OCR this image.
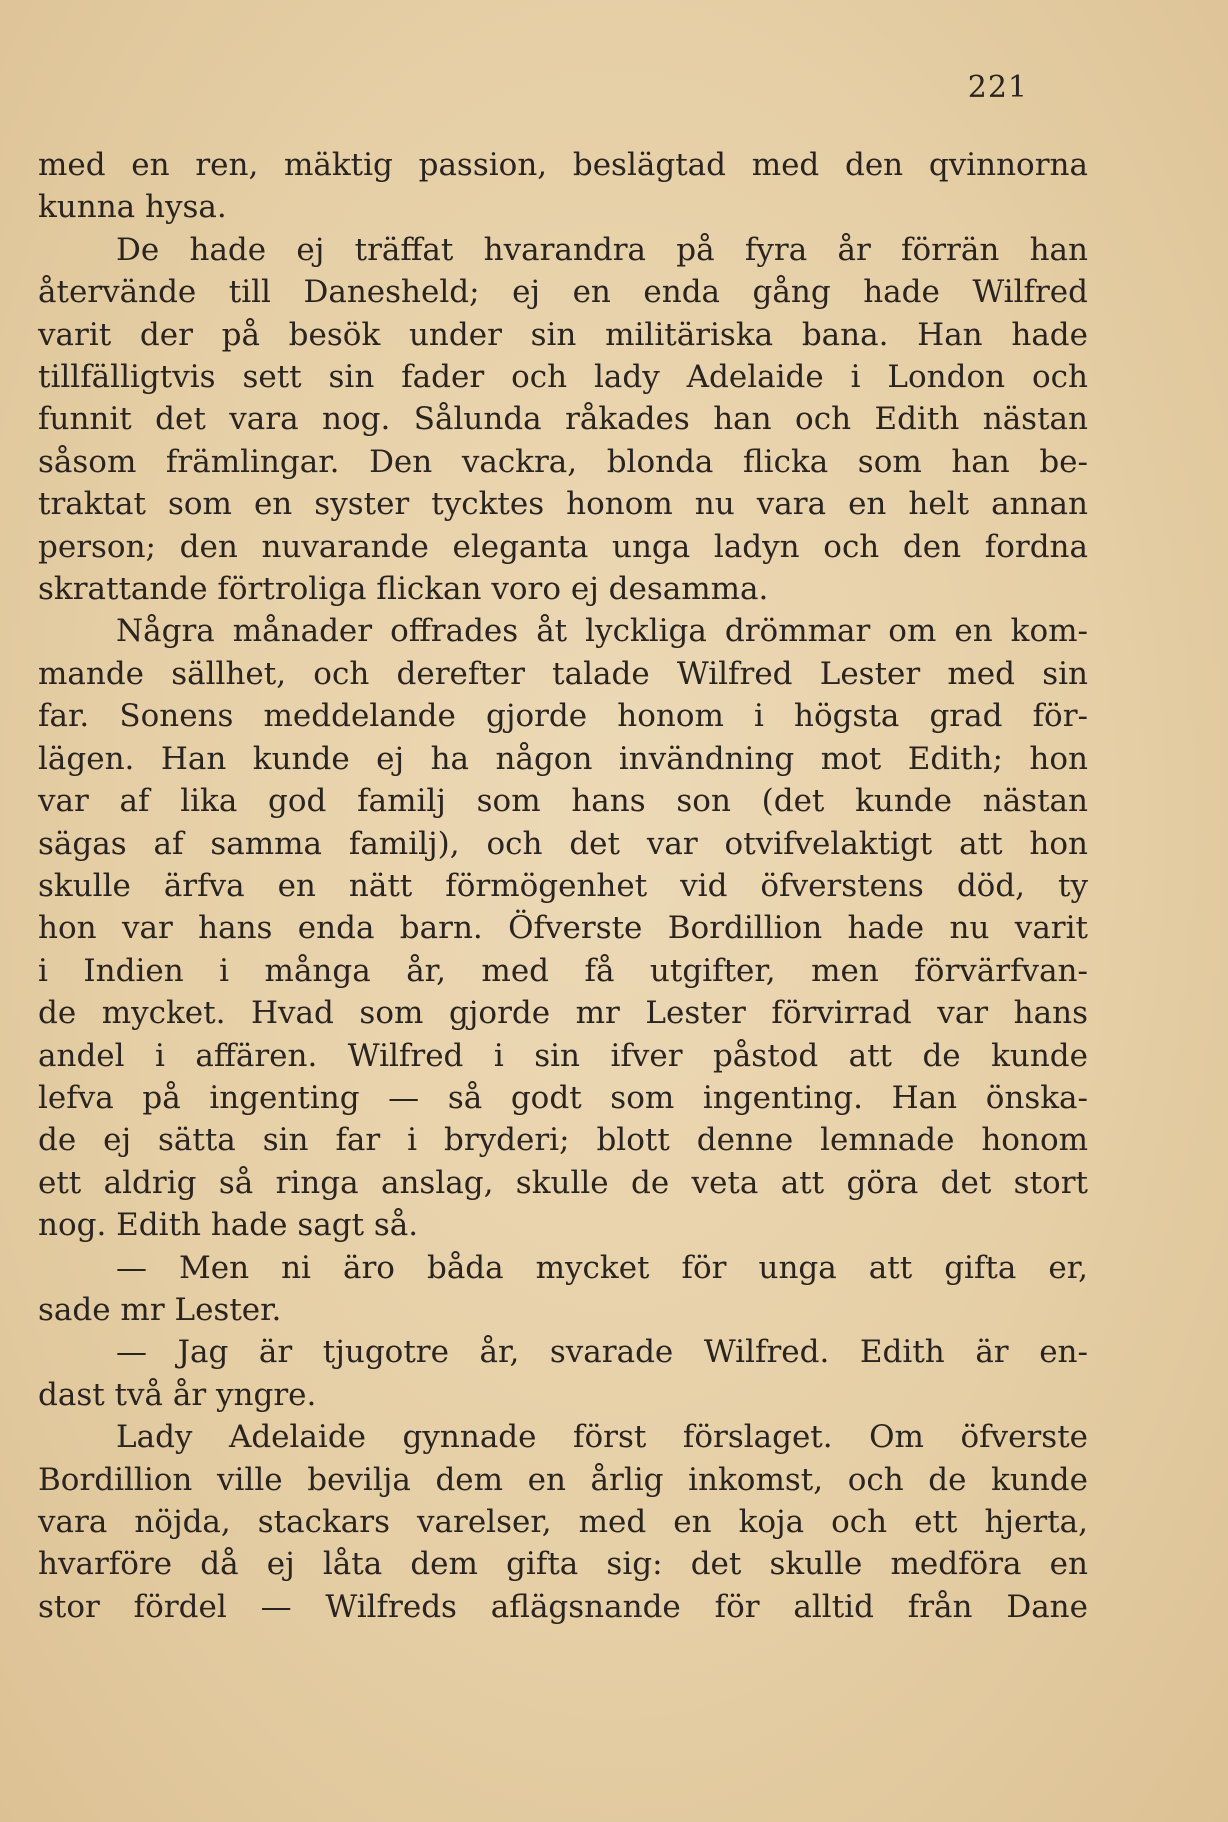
221
med en ren, mäktig passion, beslägtad med den qvinnorna
kunna hysa.
De hade ej träffat hvarandra på fyra år förrän han
återvände till Danesheld; ej en enda gång hade Wilfred
varit der på besök under sin militäriska bana. Han hade
tillfälligtvis sett sin fader och lady Adelaide i London och
funnit det vara nog. Sålunda råkades han och Edith nästan
såsom främlingar. Den vackra, blonda flicka som han be-
traktat som en syster tycktes honom nu vara en helt annan
person; den nuvarande eleganta unga ladyn och den fordna
skrattande förtroliga flickan voro ej desamma.
Några månader offrades åt lyckliga drömmar om en kom-
mande sällhet, och derefter talade Wilfred Lester med sin
far. Sonens meddelande gjorde honom i högsta grad för-
lägen. Han kunde ej ha någon invändning mot Edith; hon
var af lika god familj som hans son (det kunde nästan
sägas af samma familj), och det var otvifvelaktigt att hon
skulle ärfva en nätt förmögenhet vid öfverstens död, ty
hon var hans enda barn. Öfverste Bordillion hade nu varit
i Indien i många år, med få utgifter, men förvärfvan-
de mycket. Hvad som gjorde mr Lester förvirrad var hans
andel i affären. Wilfred i sin ifver påstod att de kunde
lefva på ingenting — så godt som ingenting. Han önska-
de ej sätta sin far i bryderi; blott denne lemnade honom
ett aldrig så ringa anslag, skulle de veta att göra det stort
nog. Edith hade sagt så.
— Men ni äro båda mycket för unga att gifta er,
sade mr Lester.
— Jag är tjugotre år, svarade Wilfred. Edith är en-
dast två år yngre.
Lady Adelaide gynnade först förslaget. Om öfverste
Bordillion ville bevilja dem en årlig inkomst, och de kunde
vara nöjda, stackars varelser, med en koja och ett hjerta,
hvarföre då ej låta dem gifta sig: det skulle medföra en
stor fördel — Wilfreds aflägsnande för alltid från Dane
